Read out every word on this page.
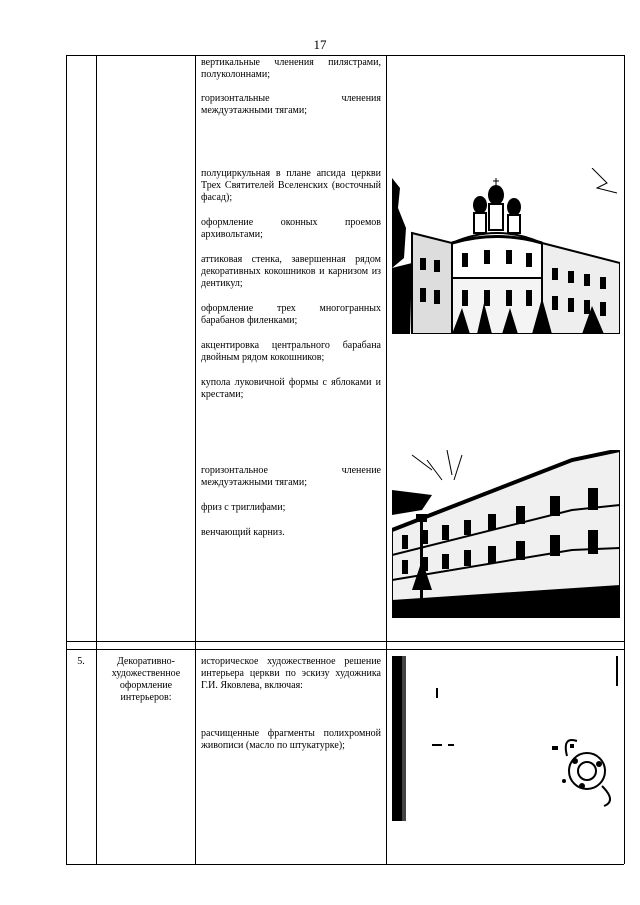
17

вертикальные членения пилястрами, полуколоннами;

горизонтальные членения междуэтажными тягами;

полуциркульная в плане апсида церкви Трех Святителей Вселенских (восточный фасад);

оформление оконных проемов архивольтами;

аттиковая стенка, завершенная рядом декоративных кокошников и карнизом из дентикул;

оформление трех многогранных барабанов филенками;

акцентировка центрального барабана двойным рядом кокошников;

купола луковичной формы с яблоками и крестами;

горизонтальное членение междуэтажными тягами;

фриз с триглифами;

венчающий карниз.

5.	Декоративно-художественное оформление интерьеров:

историческое художественное решение интерьера церкви по эскизу художника Г.И. Яковлева, включая:

расчищенные фрагменты полихромной живописи (масло по штукатурке);
